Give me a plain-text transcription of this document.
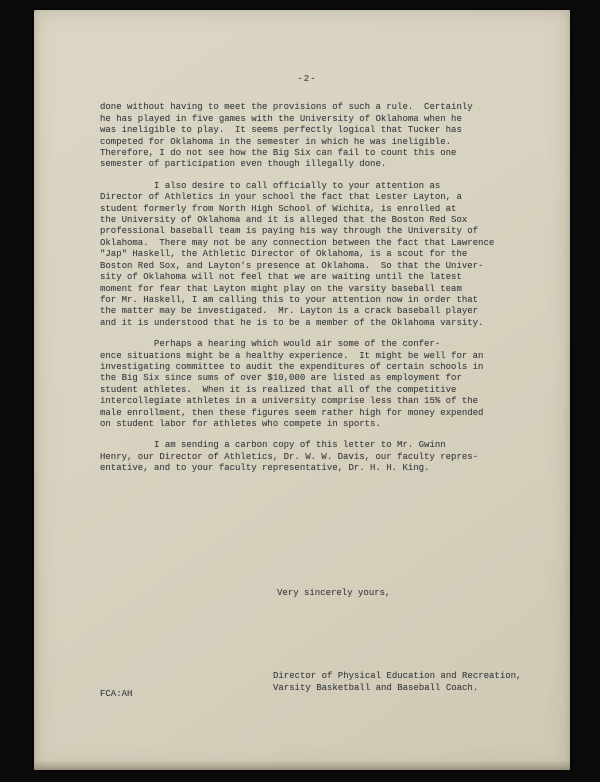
-2-

done without having to meet the provisions of such a rule.  Certainly
he has played in five games with the University of Oklahoma when he
was ineligible to play.  It seems perfectly logical that Tucker has
competed for Oklahoma in the semester in which he was ineligible.
Therefore, I do not see how the Big Six can fail to count this one
semester of participation even though illegally done.

I also desire to call officially to your attention as
Director of Athletics in your school the fact that Lester Layton, a
student formerly from North High School of Wichita, is enrolled at
the University of Oklahoma and it is alleged that the Boston Red Sox
professional baseball team is paying his way through the University of
Oklahoma.  There may not be any connection between the fact that Lawrence
"Jap" Haskell, the Athletic Director of Oklahoma, is a scout for the
Boston Red Sox, and Layton's presence at Oklahoma.  So that the Univer-
sity of Oklahoma will not feel that we are waiting until the latest
moment for fear that Layton might play on the varsity baseball team
for Mr. Haskell, I am calling this to your attention now in order that
the matter may be investigated.  Mr. Layton is a crack baseball player
and it is understood that he is to be a member of the Oklahoma varsity.

Perhaps a hearing which would air some of the confer-
ence situations might be a healthy experience.  It might be well for an
investigating committee to audit the expenditures of certain schools in
the Big Six since sums of over $10,000 are listed as employment for
student athletes.  When it is realized that all of the competitive
intercollegiate athletes in a university comprise less than 15% of the
male enrollment, then these figures seem rather high for money expended
on student labor for athletes who compete in sports.

I am sending a carbon copy of this letter to Mr. Gwinn
Henry, our Director of Athletics, Dr. W. W. Davis, our faculty repres-
entative, and to your faculty representative, Dr. H. H. King.

Very sincerely yours,
Director of Physical Education and Recreation,
Varsity Basketball and Baseball Coach.
FCA:AH
